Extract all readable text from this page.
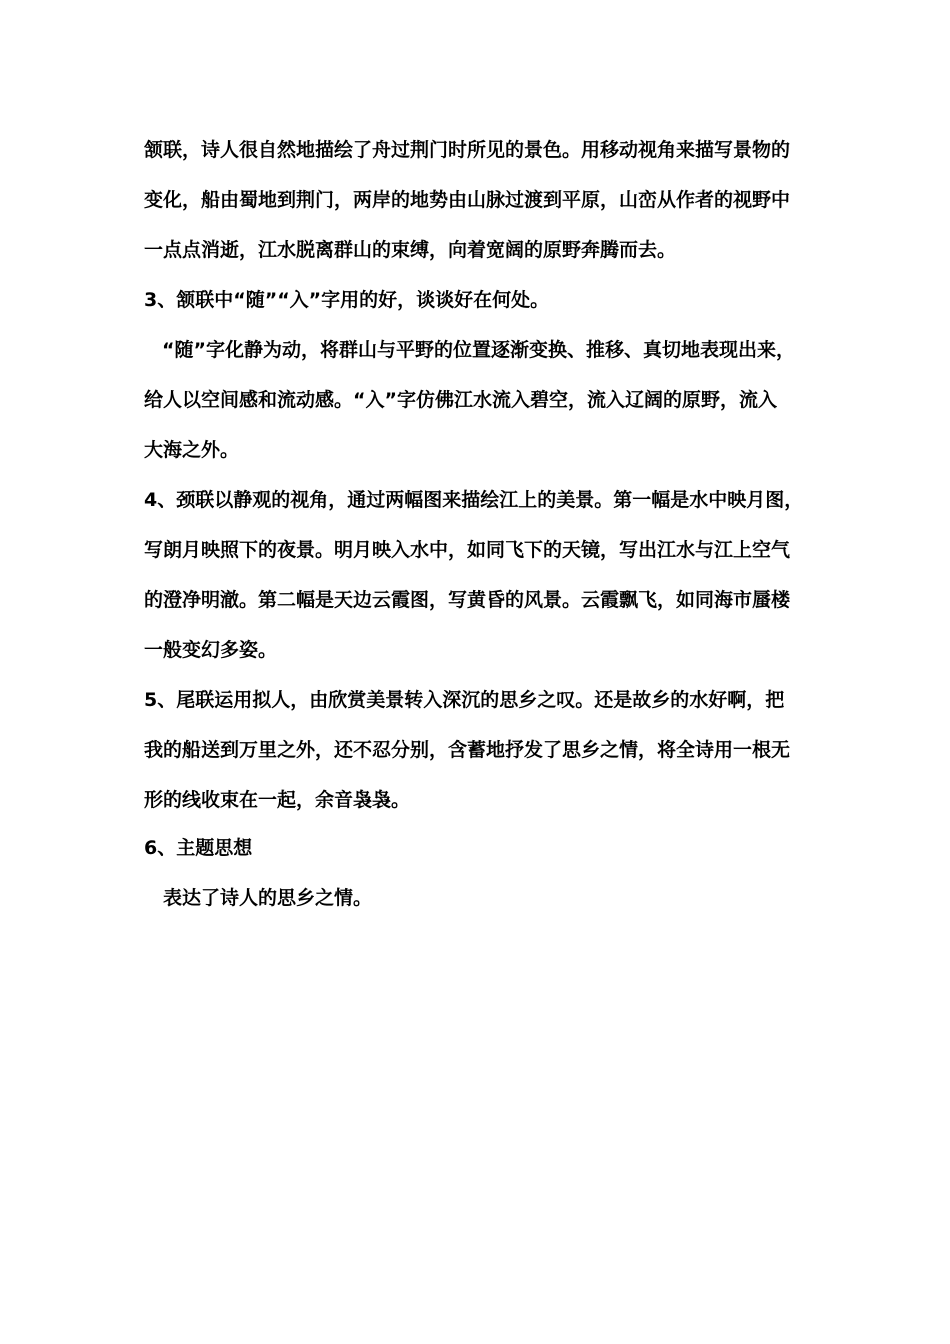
颔联，诗人很自然地描绘了舟过荆门时所见的景色。用移动视角来描写景物的
变化，船由蜀地到荆门，两岸的地势由山脉过渡到平原，山峦从作者的视野中
一点点消逝，江水脱离群山的束缚，向着宽阔的原野奔腾而去。
3、颔联中“随”“入”字用的好，谈谈好在何处。
“随”字化静为动，将群山与平野的位置逐渐变换、推移、真切地表现出来，
给人以空间感和流动感。“入”字仿佛江水流入碧空，流入辽阔的原野，流入
大海之外。
4、颈联以静观的视角，通过两幅图来描绘江上的美景。第一幅是水中映月图，
写朗月映照下的夜景。明月映入水中，如同飞下的天镜，写出江水与江上空气
的澄净明澈。第二幅是天边云霞图，写黄昏的风景。云霞飘飞，如同海市蜃楼
一般变幻多姿。
5、尾联运用拟人，由欣赏美景转入深沉的思乡之叹。还是故乡的水好啊，把
我的船送到万里之外，还不忍分别，含蓄地抒发了思乡之情，将全诗用一根无
形的线收束在一起，余音袅袅。
6、主题思想
表达了诗人的思乡之情。
